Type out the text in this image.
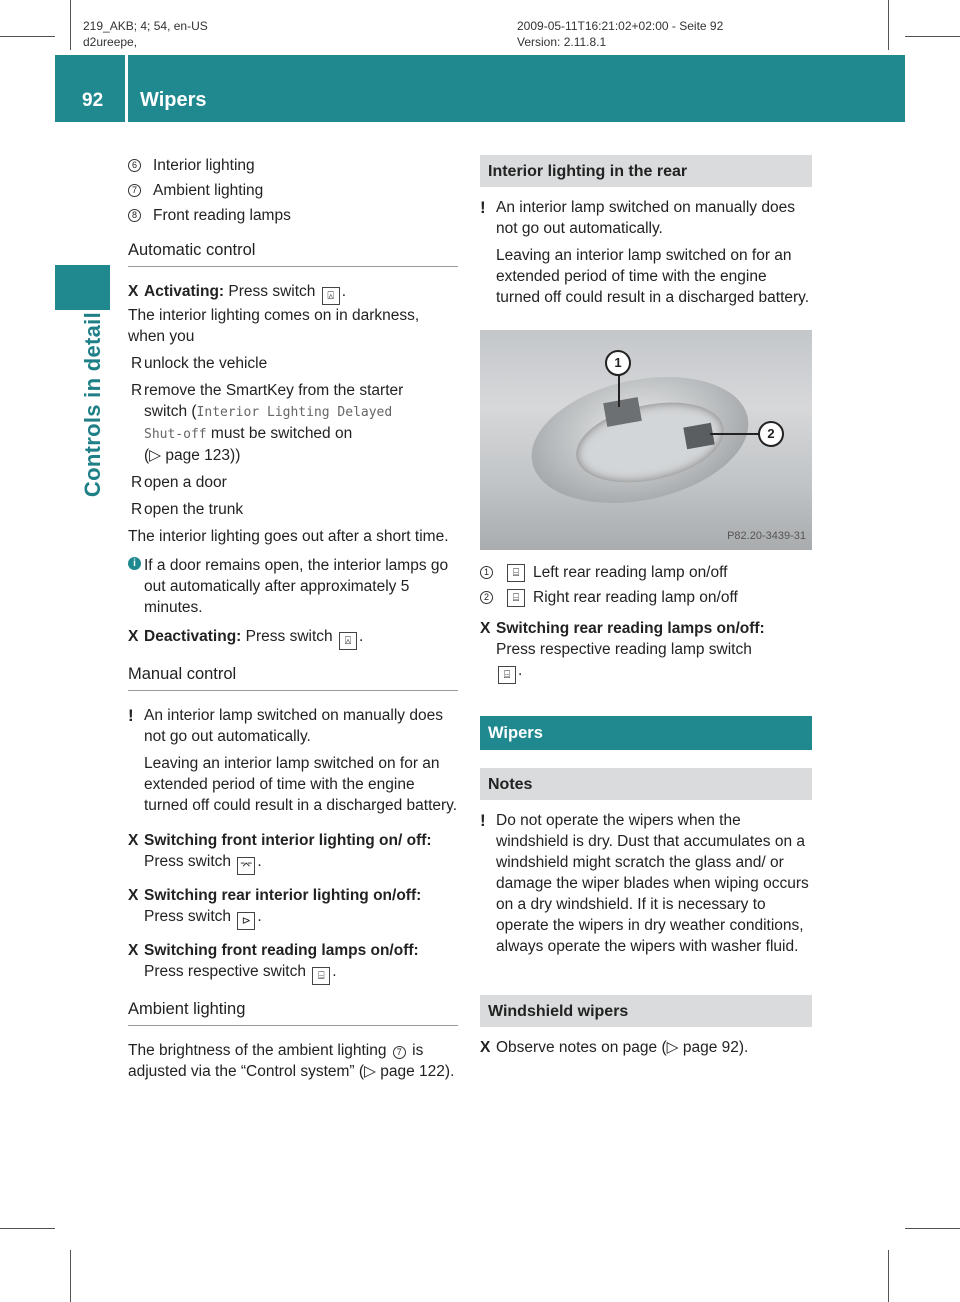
219_AKB; 4; 54, en-US
d2ureepe,
2009-05-11T16:21:02+02:00 - Seite 92
Version: 2.11.8.1
92 Wipers
Controls in detail
6 Interior lighting
7 Ambient lighting
8 Front reading lamps
Automatic control
X Activating: Press switch ⍓ .
The interior lighting comes on in darkness, when you
R unlock the vehicle
R remove the SmartKey from the starter
switch (Interior Lighting Delayed
Shut-off must be switched on
(▷ page 123))
R open a door
R open the trunk

The interior lighting goes out after a short time.

i If a door remains open, the interior lamps go out automatically after approximately 5 minutes.
X Deactivating: Press switch ⍓ .
Manual control
! An interior lamp switched on manually does not go out automatically.
Leaving an interior lamp switched on for an extended period of time with the engine turned off could result in a discharged battery.
X Switching front interior lighting on/ off: Press switch ⌤ .
X Switching rear interior lighting on/off:
Press switch ⊳ .
X Switching front reading lamps on/off:
Press respective switch ⌸ .
Ambient lighting

The brightness of the ambient lighting 7 is adjusted via the “Control system” (▷ page 122).

Interior lighting in the rear
! An interior lamp switched on manually does not go out automatically.
Leaving an interior lamp switched on for an extended period of time with the engine turned off could result in a discharged battery.
1
2
P82.20-3439-31
1	⌸ Left rear reading lamp on/off
2	⌸ Right rear reading lamp on/off
X Switching rear reading lamps on/off:
Press respective reading lamp switch
⌸ .
Wipers
Notes
! Do not operate the wipers when the windshield is dry. Dust that accumulates on a windshield might scratch the glass and/ or damage the wiper blades when wiping occurs on a dry windshield. If it is necessary to operate the wipers in dry weather conditions, always operate the wipers with washer fluid.
Windshield wipers
X Observe notes on page (▷ page 92).
